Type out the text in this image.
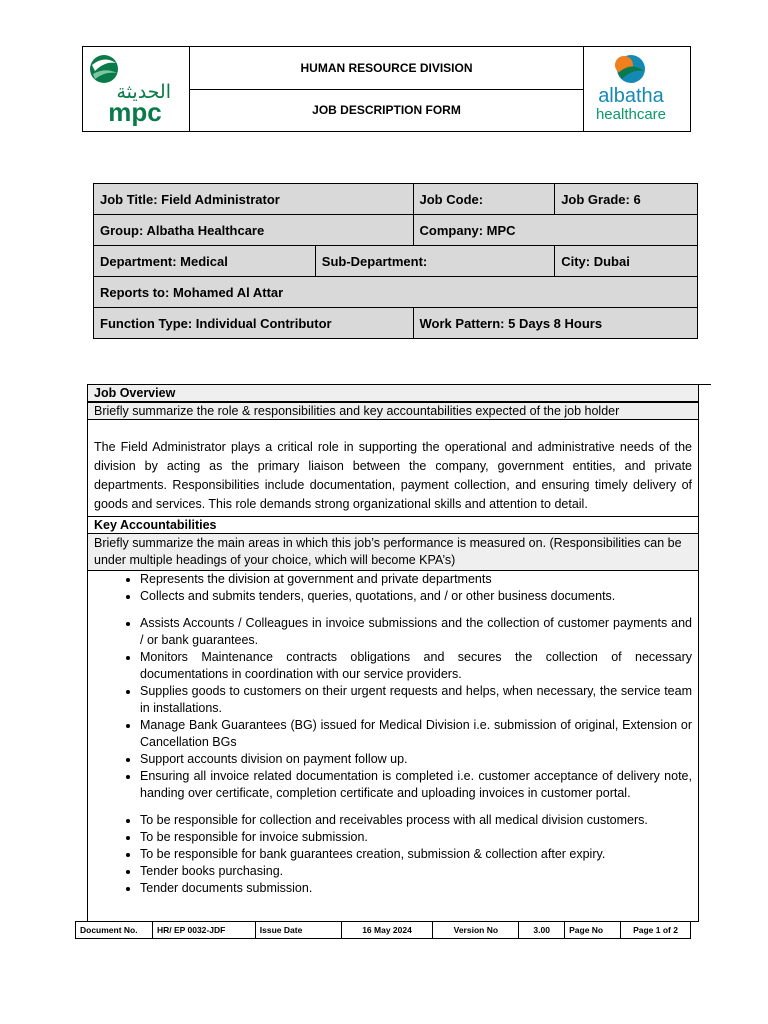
الحديثة
mpc
	HUMAN RESOURCE DIVISION	
albatha
healthcare

JOB DESCRIPTION FORM
Job Title: Field Administrator		Job Code:	Job Grade: 6
Group: Albatha Healthcare		Company: MPC	
Department: Medical	Sub-Department:		City: Dubai
Reports to: Mohamed Al Attar			
Function Type: Individual Contributor		Work Pattern: 5 Days 8 Hours	
Job Overview
Briefly summarize the role & responsibilities and key accountabilities expected of the job holder
The Field Administrator plays a critical role in supporting the operational and administrative needs of the division by acting as the primary liaison between the company, government entities, and private departments. Responsibilities include documentation, payment collection, and ensuring timely delivery of goods and services. This role demands strong organizational skills and attention to detail.
Key Accountabilities
Briefly summarize the main areas in which this job’s performance is measured on. (Responsibilities can be under multiple headings of your choice, which will become KPA’s)
• Represents the division at government and private departments
• Collects and submits tenders, queries, quotations, and / or other business documents.
• Assists Accounts / Colleagues in invoice submissions and the collection of customer payments and / or bank guarantees.
• Monitors Maintenance contracts obligations and secures the collection of necessary documentations in coordination with our service providers.
• Supplies goods to customers on their urgent requests and helps, when necessary, the service team in installations.
• Manage Bank Guarantees (BG) issued for Medical Division i.e. submission of original, Extension or Cancellation BGs
• Support accounts division on payment follow up.
• Ensuring all invoice related documentation is completed i.e. customer acceptance of delivery note, handing over certificate, completion certificate and uploading invoices in customer portal.
• To be responsible for collection and receivables process with all medical division customers.
• To be responsible for invoice submission.
• To be responsible for bank guarantees creation, submission & collection after expiry.
• Tender books purchasing.
• Tender documents submission.
Document No.	HR/ EP 0032-JDF	Issue Date	16 May 2024	Version No	3.00	Page No	Page 1 of 2
